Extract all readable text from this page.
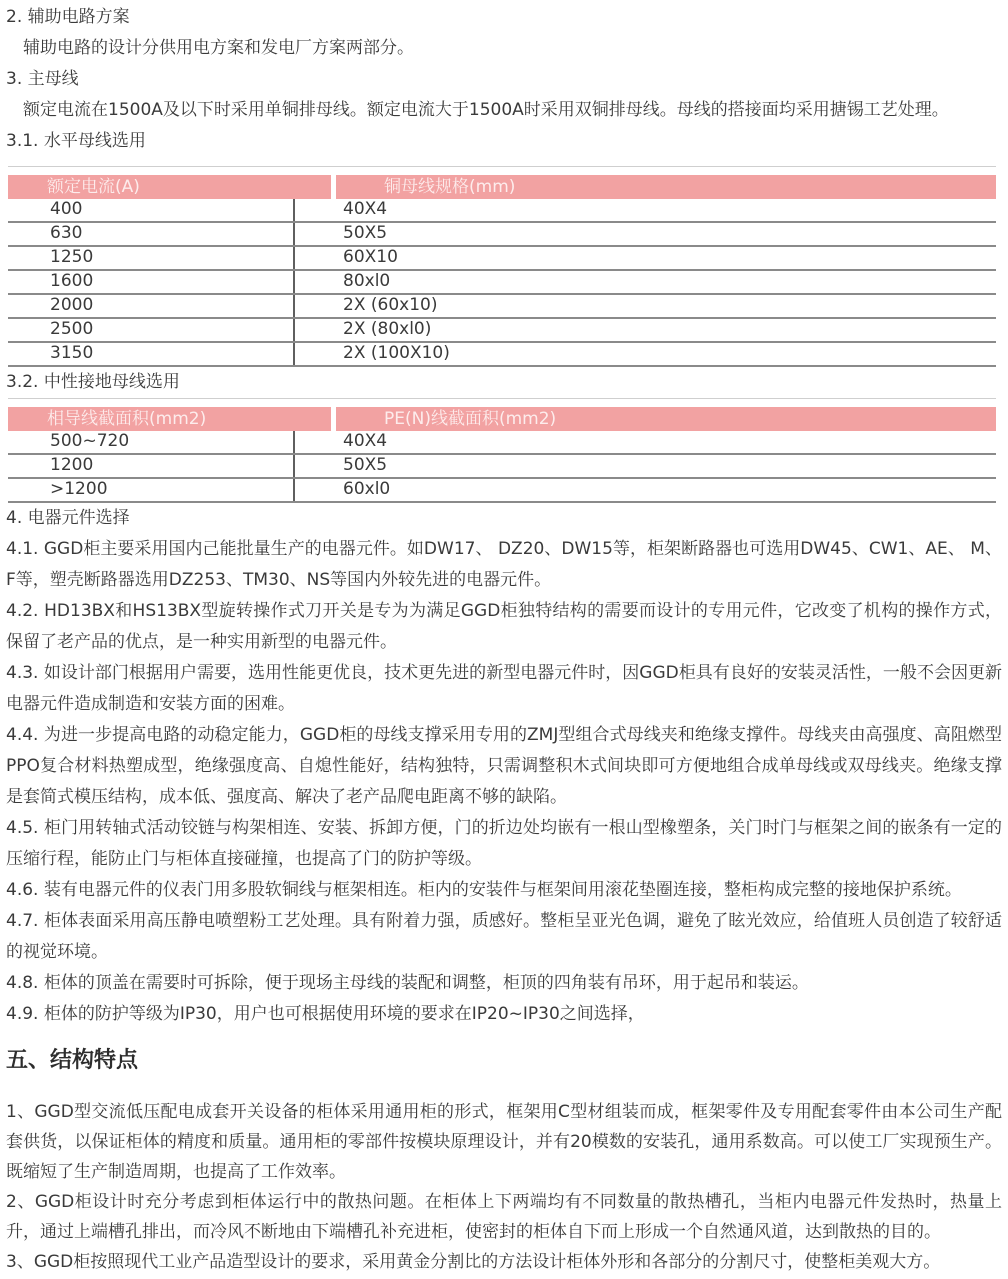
2. 辅助电路方案

辅助电路的设计分供用电方案和发电厂方案两部分。

3. 主母线

额定电流在1500A及以下时采用单铜排母线。额定电流大于1500A时采用双铜排母线。母线的搭接面均采用搪锡工艺处理。

3.1. 水平母线选用

额定电流(A)	铜母线规格(mm)
400	40X4
630	50X5
1250	60X10
1600	80xl0
2000	2X (60x10)
2500	2X (80xl0)
3150	2X (100X10)

3.2. 中性接地母线选用

相导线截面积(mm2)	PE(N)线截面积(mm2)
500~720	40X4
1200	50X5
>1200	60xl0

4. 电器元件选择

4.1. GGD柜主要采用国内己能批量生产的电器元件。如DW17、 DZ20、DW15等，柜架断路器也可选用DW45、CW1、AE、 M、F等，塑壳断路器选用DZ253、TM30、NS等国内外较先进的电器元件。

4.2. HD13BX和HS13BX型旋转操作式刀开关是专为为满足GGD柜独特结构的需要而设计的专用元件，它改变了机构的操作方式，保留了老产品的优点，是一种实用新型的电器元件。

4.3. 如设计部门根据用户需要，选用性能更优良，技术更先进的新型电器元件时，因GGD柜具有良好的安装灵活性，一般不会因更新电器元件造成制造和安装方面的困难。

4.4. 为进一步提高电路的动稳定能力，GGD柜的母线支撑采用专用的ZMJ型组合式母线夹和绝缘支撑件。母线夹由高强度、高阻燃型PPO复合材料热塑成型，绝缘强度高、自熄性能好，结构独特，只需调整积木式间块即可方便地组合成单母线或双母线夹。绝缘支撑是套简式模压结构，成本低、强度高、解决了老产品爬电距离不够的缺陷。

4.5. 柜门用转轴式活动铰链与构架相连、安装、拆卸方便，门的折边处均嵌有一根山型橡塑条，关门时门与框架之间的嵌条有一定的压缩行程，能防止门与柜体直接碰撞，也提高了门的防护等级。

4.6. 装有电器元件的仪表门用多股软铜线与框架相连。柜内的安装件与框架间用滚花垫圈连接，整柜构成完整的接地保护系统。

4.7. 柜体表面采用高压静电喷塑粉工艺处理。具有附着力强，质感好。整柜呈亚光色调，避免了眩光效应，给值班人员创造了较舒适的视觉环境。

4.8. 柜体的顶盖在需要时可拆除，便于现场主母线的装配和调整，柜顶的四角装有吊环，用于起吊和装运。

4.9. 柜体的防护等级为IP30，用户也可根据使用环境的要求在IP20~IP30之间选择，

五、结构特点

1、GGD型交流低压配电成套开关设备的柜体采用通用柜的形式，框架用C型材组装而成，框架零件及专用配套零件由本公司生产配套供货，以保证柜体的精度和质量。通用柜的零部件按模块原理设计，并有20模数的安装孔，通用系数高。可以使工厂实现预生产。既缩短了生产制造周期，也提高了工作效率。

2、GGD柜设计时充分考虑到柜体运行中的散热问题。在柜体上下两端均有不同数量的散热槽孔，当柜内电器元件发热时，热量上升，通过上端槽孔排出，而冷风不断地由下端槽孔补充进柜，使密封的柜体自下而上形成一个自然通风道，达到散热的目的。

3、GGD柜按照现代工业产品造型设计的要求，采用黄金分割比的方法设计柜体外形和各部分的分割尺寸，使整柜美观大方。
